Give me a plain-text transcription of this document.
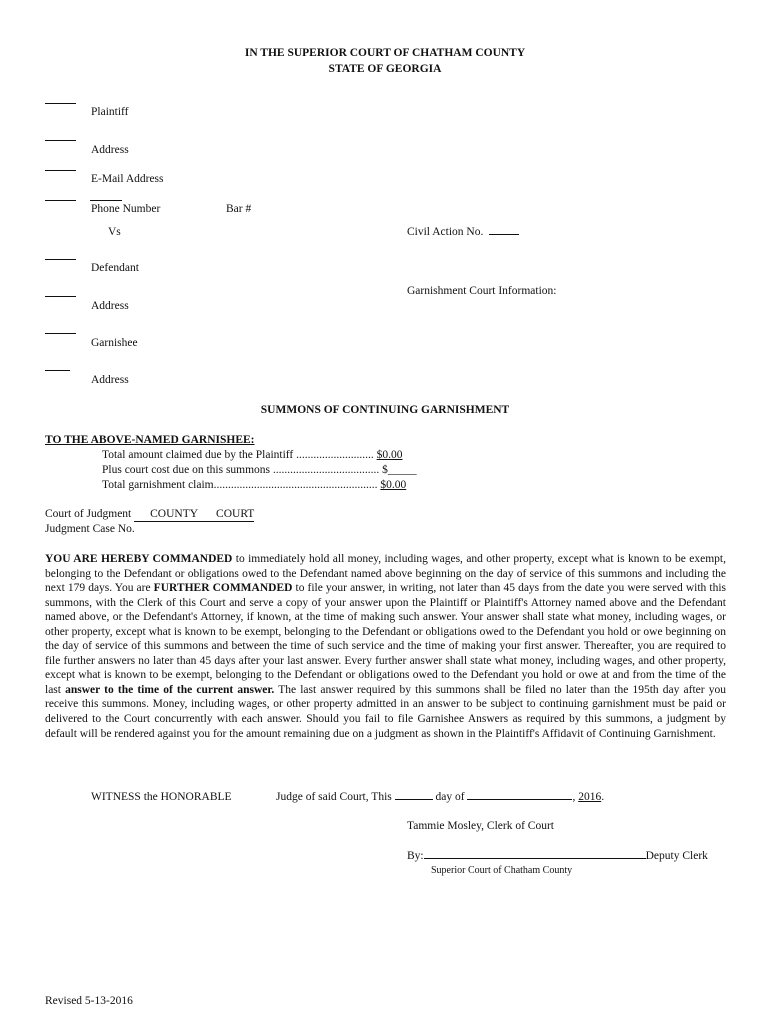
IN THE SUPERIOR COURT OF CHATHAM COUNTY
STATE OF GEORGIA
Plaintiff
Address
E-Mail Address
Phone Number	Bar #
Vs	Civil Action No.
Defendant
Garnishment Court Information:
Address
Garnishee
Address
SUMMONS OF CONTINUING GARNISHMENT
TO THE ABOVE-NAMED GARNISHEE:
Total amount claimed due by the Plaintiff ........................... $0.00
Plus court cost due on this summons ..................................... $_____
Total garnishment claim......................................................... $0.00
Court of Judgment COUNTY COURT
Judgment Case No.
YOU ARE HEREBY COMMANDED to immediately hold all money, including wages, and other property, except what is known to be exempt, belonging to the Defendant or obligations owed to the Defendant named above beginning on the day of service of this summons and including the next 179 days. You are FURTHER COMMANDED to file your answer, in writing, not later than 45 days from the date you were served with this summons, with the Clerk of this Court and serve a copy of your answer upon the Plaintiff or Plaintiff's Attorney named above and the Defendant named above, or the Defendant's Attorney, if known, at the time of making such answer. Your answer shall state what money, including wages, or other property, except what is known to be exempt, belonging to the Defendant or obligations owed to the Defendant you hold or owe beginning on the day of service of this summons and between the time of such service and the time of making your first answer. Thereafter, you are required to file further answers no later than 45 days after your last answer. Every further answer shall state what money, including wages, and other property, except what is known to be exempt, belonging to the Defendant or obligations owed to the Defendant you hold or owe at and from the time of the last answer to the time of the current answer. The last answer required by this summons shall be filed no later than the 195th day after you receive this summons. Money, including wages, or other property admitted in an answer to be subject to continuing garnishment must be paid or delivered to the Court concurrently with each answer. Should you fail to file Garnishee Answers as required by this summons, a judgment by default will be rendered against you for the amount remaining due on a judgment as shown in the Plaintiff's Affidavit of Continuing Garnishment.
WITNESS the HONORABLE	Judge of said Court, This	day of	, 2016.
Tammie Mosley, Clerk of Court
By:	Deputy Clerk
Superior Court of Chatham County
Revised 5-13-2016
